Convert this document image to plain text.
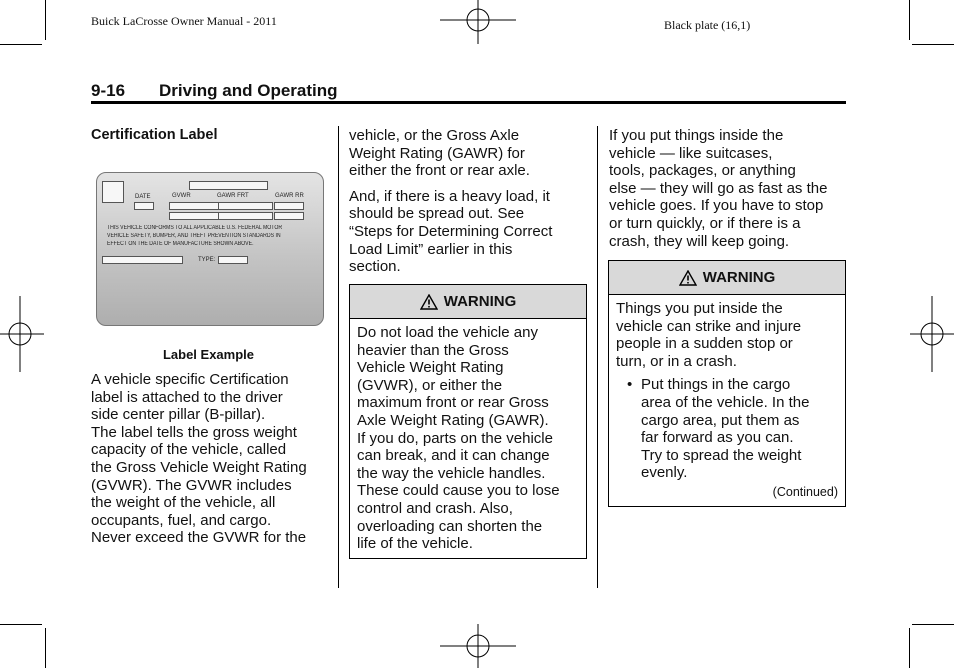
Buick LaCrosse Owner Manual - 2011	Black plate (16,1)
9-16 Driving and Operating
Certification Label
DATE	GVWR	GAWR FRT	GAWR RR
THIS VEHICLE CONFORMS TO ALL APPLICABLE U.S. FEDERAL MOTOR
VEHICLE SAFETY, BUMPER, AND THEFT PREVENTION STANDARDS IN
EFFECT ON THE DATE OF MANUFACTURE SHOWN ABOVE.
TYPE:
Label Example
A vehicle specific Certification
label is attached to the driver
side center pillar (B-pillar).
The label tells the gross weight
capacity of the vehicle, called
the Gross Vehicle Weight Rating
(GVWR). The GVWR includes
the weight of the vehicle, all
occupants, fuel, and cargo.
Never exceed the GVWR for the

vehicle, or the Gross Axle
Weight Rating (GAWR) for
either the front or rear axle.

And, if there is a heavy load, it
should be spread out. See
“Steps for Determining Correct
Load Limit” earlier in this
section.

WARNING
Do not load the vehicle any
heavier than the Gross
Vehicle Weight Rating
(GVWR), or either the
maximum front or rear Gross
Axle Weight Rating (GAWR).
If you do, parts on the vehicle
can break, and it can change
the way the vehicle handles.
These could cause you to lose
control and crash. Also,
overloading can shorten the
life of the vehicle.
If you put things inside the
vehicle — like suitcases,
tools, packages, or anything
else — they will go as fast as the
vehicle goes. If you have to stop
or turn quickly, or if there is a
crash, they will keep going.
WARNING
Things you put inside the
vehicle can strike and injure
people in a sudden stop or
turn, or in a crash.
• Put things in the cargo
area of the vehicle. In the
cargo area, put them as
far forward as you can.
Try to spread the weight
evenly.
(Continued)
